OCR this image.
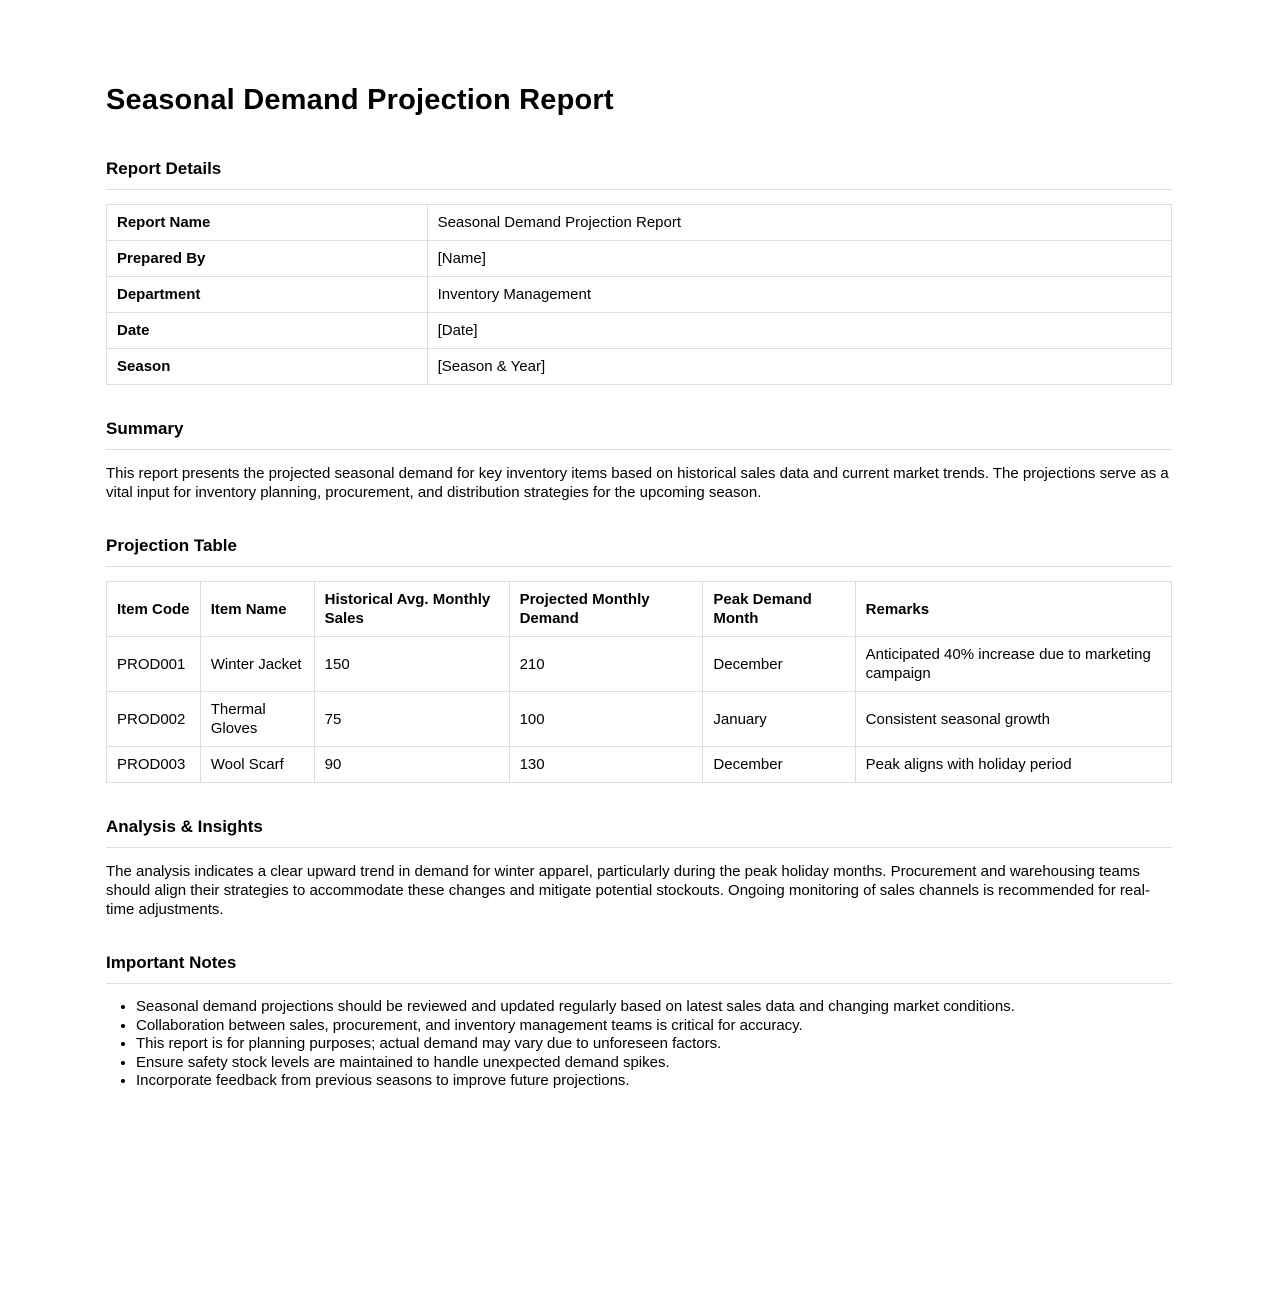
Seasonal Demand Projection Report
Report Details
Report Name	Seasonal Demand Projection Report
Prepared By	[Name]
Department	Inventory Management
Date	[Date]
Season	[Season & Year]
Summary

This report presents the projected seasonal demand for key inventory items based on historical sales data and current market trends. The projections serve as a vital input for inventory planning, procurement, and distribution strategies for the upcoming season.

Projection Table
Item Code	Item Name	Historical Avg. Monthly Sales	Projected Monthly Demand	Peak Demand Month	Remarks
PROD001	Winter Jacket	150	210	December	Anticipated 40% increase due to marketing campaign
PROD002	Thermal Gloves	75	100	January	Consistent seasonal growth
PROD003	Wool Scarf	90	130	December	Peak aligns with holiday period
Analysis & Insights

The analysis indicates a clear upward trend in demand for winter apparel, particularly during the peak holiday months. Procurement and warehousing teams should align their strategies to accommodate these changes and mitigate potential stockouts. Ongoing monitoring of sales channels is recommended for real-time adjustments.

Important Notes
• Seasonal demand projections should be reviewed and updated regularly based on latest sales data and changing market conditions.
• Collaboration between sales, procurement, and inventory management teams is critical for accuracy.
• This report is for planning purposes; actual demand may vary due to unforeseen factors.
• Ensure safety stock levels are maintained to handle unexpected demand spikes.
• Incorporate feedback from previous seasons to improve future projections.
